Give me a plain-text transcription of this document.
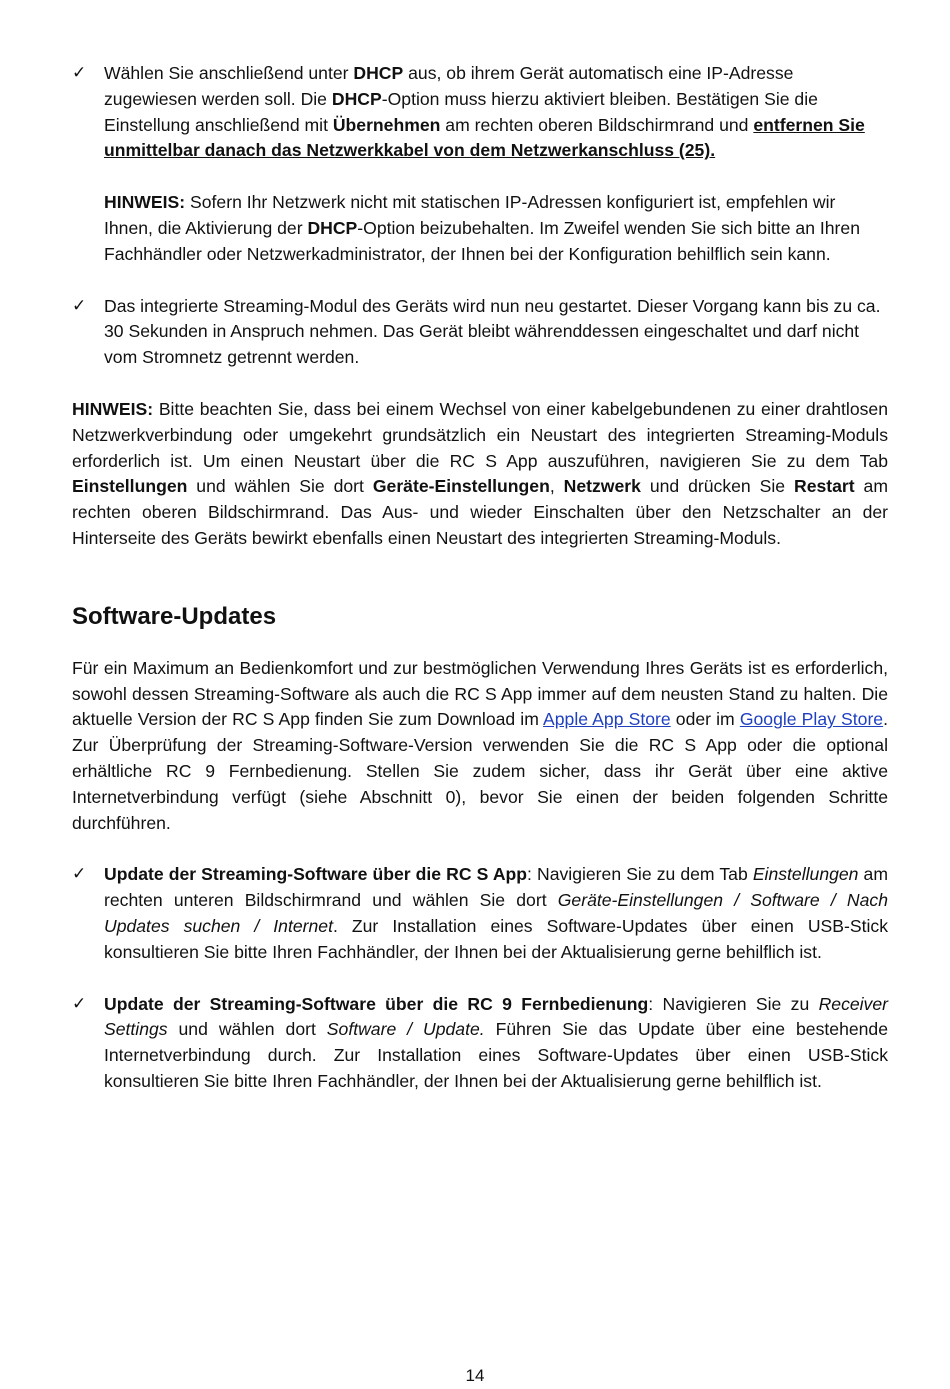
✓	Wählen Sie anschließend unter DHCP aus, ob ihrem Gerät automatisch eine IP-Adresse zugewiesen werden soll. Die DHCP-Option muss hierzu aktiviert bleiben. Bestätigen Sie die Einstellung anschließend mit Übernehmen am rechten oberen Bildschirmrand und entfernen Sie unmittelbar danach das Netzwerkkabel von dem Netzwerkanschluss (25).

HINWEIS: Sofern Ihr Netzwerk nicht mit statischen IP-Adressen konfiguriert ist, empfehlen wir Ihnen, die Aktivierung der DHCP-Option beizubehalten. Im Zweifel wenden Sie sich bitte an Ihren Fachhändler oder Netzwerkadministrator, der Ihnen bei der Konfiguration behilflich sein kann.

✓	Das integrierte Streaming-Modul des Geräts wird nun neu gestartet. Dieser Vorgang kann bis zu ca. 30 Sekunden in Anspruch nehmen. Das Gerät bleibt währenddessen eingeschaltet und darf nicht vom Stromnetz getrennt werden.

HINWEIS: Bitte beachten Sie, dass bei einem Wechsel von einer kabelgebundenen zu einer drahtlosen Netzwerkverbindung oder umgekehrt grundsätzlich ein Neustart des integrierten Streaming-Moduls erforderlich ist. Um einen Neustart über die RC S App auszuführen, navigieren Sie zu dem Tab Einstellungen und wählen Sie dort Geräte-Einstellungen, Netzwerk und drücken Sie Restart am rechten oberen Bildschirmrand. Das Aus- und wieder Einschalten über den Netzschalter an der Hinterseite des Geräts bewirkt ebenfalls einen Neustart des integrierten Streaming-Moduls.

Software-Updates

Für ein Maximum an Bedienkomfort und zur bestmöglichen Verwendung Ihres Geräts ist es erforderlich, sowohl dessen Streaming-Software als auch die RC S App immer auf dem neusten Stand zu halten. Die aktuelle Version der RC S App finden Sie zum Download im Apple App Store oder im Google Play Store. Zur Überprüfung der Streaming-Software-Version verwenden Sie die RC S App oder die optional erhältliche RC 9 Fernbedienung. Stellen Sie zudem sicher, dass ihr Gerät über eine aktive Internetverbindung verfügt (siehe Abschnitt 0), bevor Sie einen der beiden folgenden Schritte durchführen.

✓	Update der Streaming-Software über die RC S App: Navigieren Sie zu dem Tab Einstellungen am rechten unteren Bildschirmrand und wählen Sie dort Geräte-Einstellungen / Software / Nach Updates suchen / Internet. Zur Installation eines Software-Updates über einen USB-Stick konsultieren Sie bitte Ihren Fachhändler, der Ihnen bei der Aktualisierung gerne behilflich ist.

✓	Update der Streaming-Software über die RC 9 Fernbedienung: Navigieren Sie zu Receiver Settings und wählen dort Software / Update. Führen Sie das Update über eine bestehende Internetverbindung durch. Zur Installation eines Software-Updates über einen USB-Stick konsultieren Sie bitte Ihren Fachhändler, der Ihnen bei der Aktualisierung gerne behilflich ist.

14
